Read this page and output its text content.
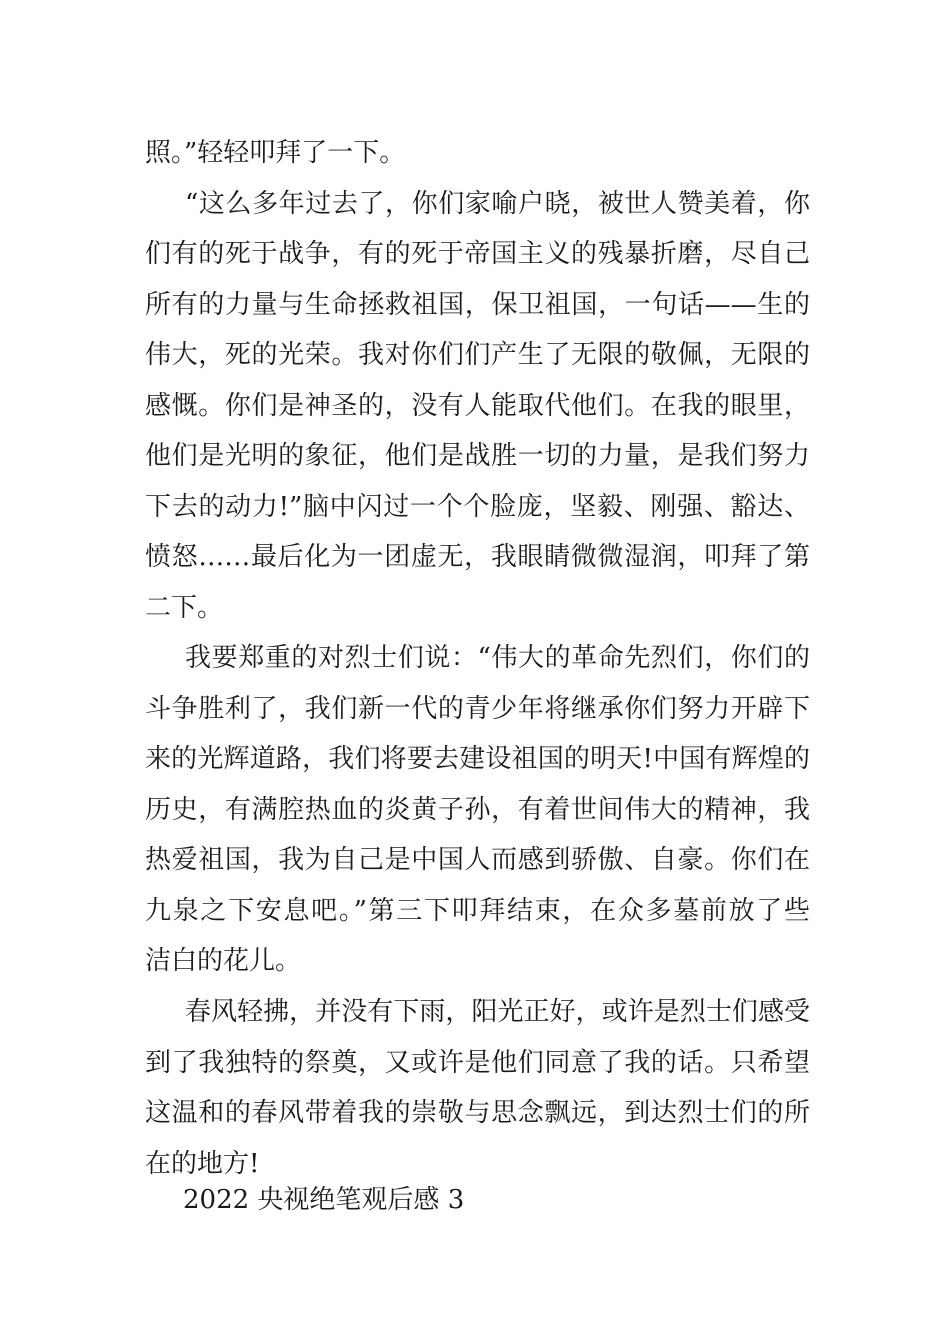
照。”轻轻叩拜了一下。
“这么多年过去了，你们家喻户晓，被世人赞美着，你
们有的死于战争，有的死于帝国主义的残暴折磨，尽自己
所有的力量与生命拯救祖国，保卫祖国，一句话——生的
伟大，死的光荣。我对你们们产生了无限的敬佩，无限的
感慨。你们是神圣的，没有人能取代他们。在我的眼里，
他们是光明的象征，他们是战胜一切的力量，是我们努力
下去的动力!”脑中闪过一个个脸庞，坚毅、刚强、豁达、
愤怒……最后化为一团虚无，我眼睛微微湿润，叩拜了第
二下。
我要郑重的对烈士们说：“伟大的革命先烈们，你们的
斗争胜利了，我们新一代的青少年将继承你们努力开辟下
来的光辉道路，我们将要去建设祖国的明天!中国有辉煌的
历史，有满腔热血的炎黄子孙，有着世间伟大的精神，我
热爱祖国，我为自己是中国人而感到骄傲、自豪。你们在
九泉之下安息吧。”第三下叩拜结束，在众多墓前放了些
洁白的花儿。
春风轻拂，并没有下雨，阳光正好，或许是烈士们感受
到了我独特的祭奠，又或许是他们同意了我的话。只希望
这温和的春风带着我的崇敬与思念飘远，到达烈士们的所
在的地方!
2022 央视绝笔观后感 3
